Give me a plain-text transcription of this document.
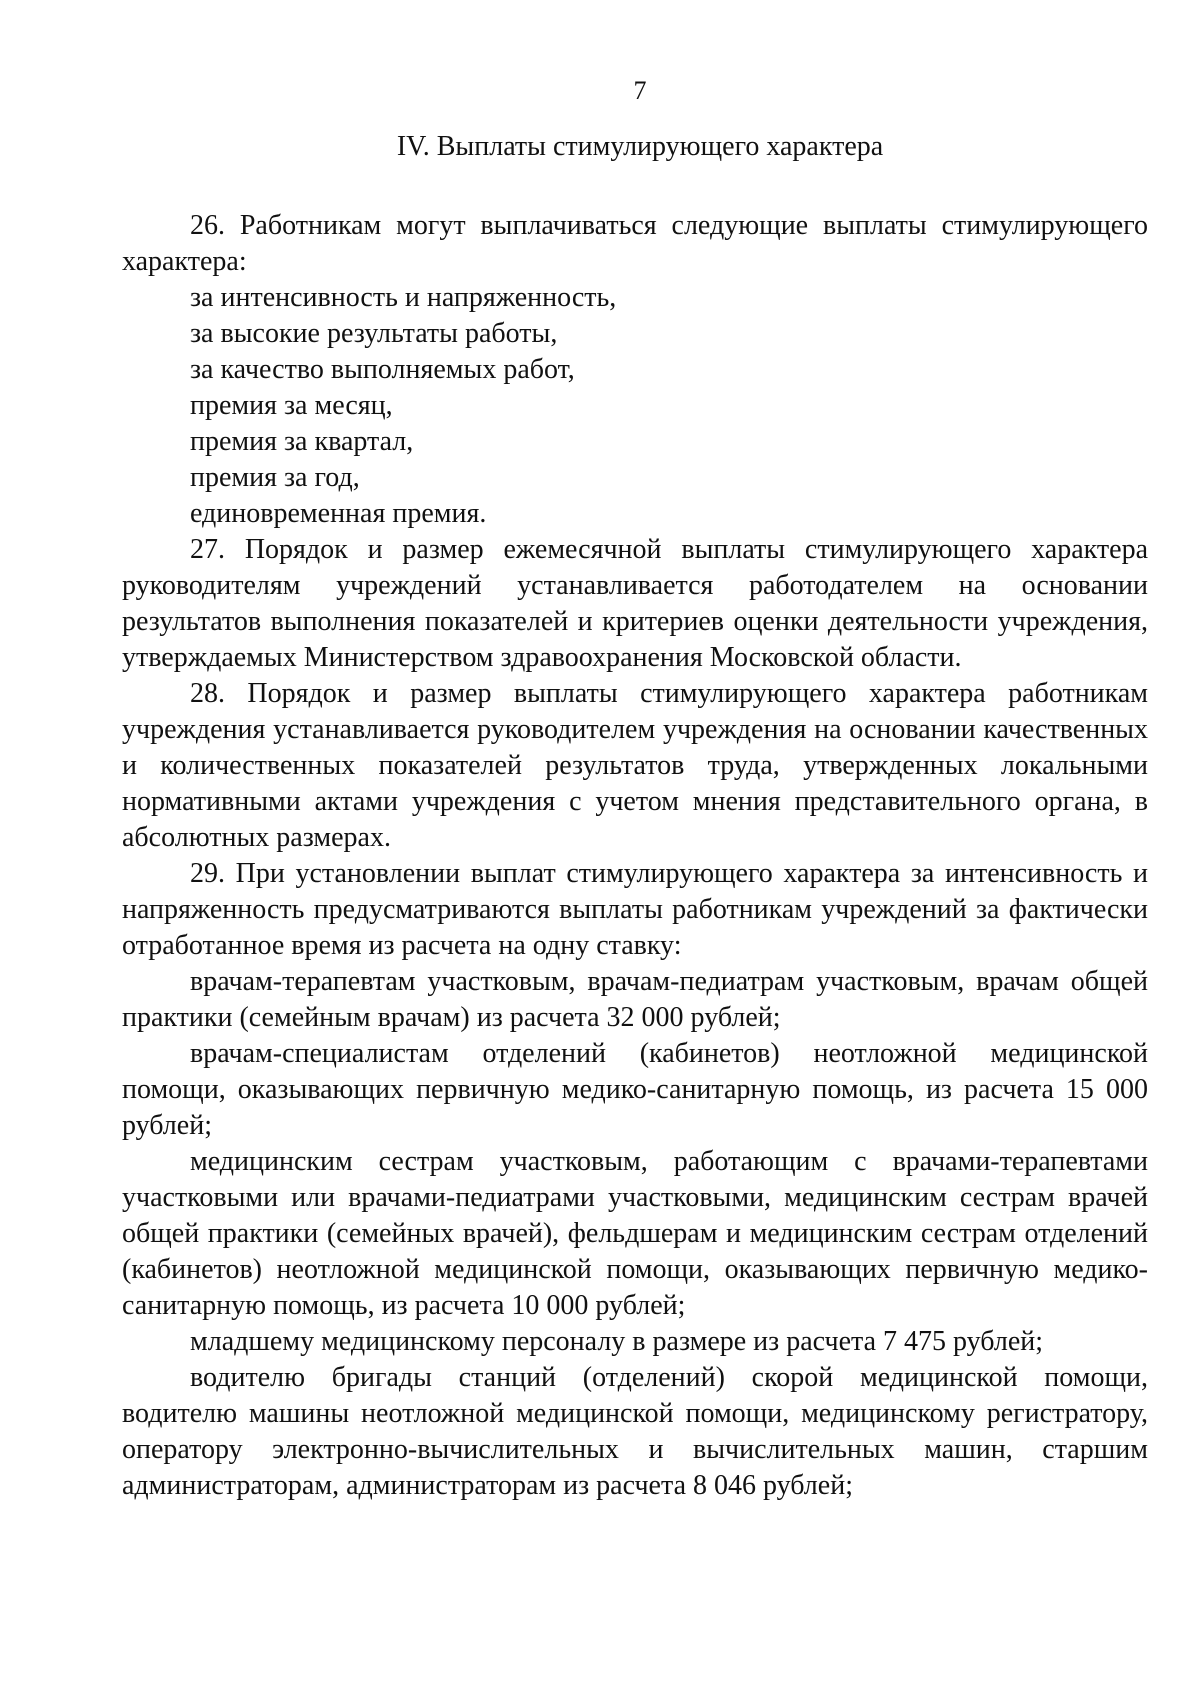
7
IV. Выплаты стимулирующего характера

26. Работникам могут выплачиваться следующие выплаты стимулирующего характера:

за интенсивность и напряженность,

за высокие результаты работы,

за качество выполняемых работ,

премия за месяц,

премия за квартал,

премия за год,

единовременная премия.

27. Порядок и размер ежемесячной выплаты стимулирующего характера руководителям учреждений устанавливается работодателем на основании результатов выполнения показателей и критериев оценки деятельности учреждения, утверждаемых Министерством здравоохранения Московской области.

28. Порядок и размер выплаты стимулирующего характера работникам учреждения устанавливается руководителем учреждения на основании качественных и количественных показателей результатов труда, утвержденных локальными нормативными актами учреждения с учетом мнения представительного органа, в абсолютных размерах.

29. При установлении выплат стимулирующего характера за интенсивность и напряженность предусматриваются выплаты работникам учреждений за фактически отработанное время из расчета на одну ставку:

врачам-терапевтам участковым, врачам-педиатрам участковым, врачам общей практики (семейным врачам) из расчета 32 000 рублей;

врачам-специалистам отделений (кабинетов) неотложной медицинской помощи, оказывающих первичную медико-санитарную помощь, из расчета 15 000 рублей;

медицинским сестрам участковым, работающим с врачами-терапевтами участковыми или врачами-педиатрами участковыми, медицинским сестрам врачей общей практики (семейных врачей), фельдшерам и медицинским сестрам отделений (кабинетов) неотложной медицинской помощи, оказывающих первичную медико-санитарную помощь, из расчета 10 000 рублей;

младшему медицинскому персоналу в размере из расчета 7 475 рублей;

водителю бригады станций (отделений) скорой медицинской помощи, водителю машины неотложной медицинской помощи, медицинскому регистратору, оператору электронно-вычислительных и вычислительных машин, старшим администраторам, администраторам из расчета 8 046 рублей;
